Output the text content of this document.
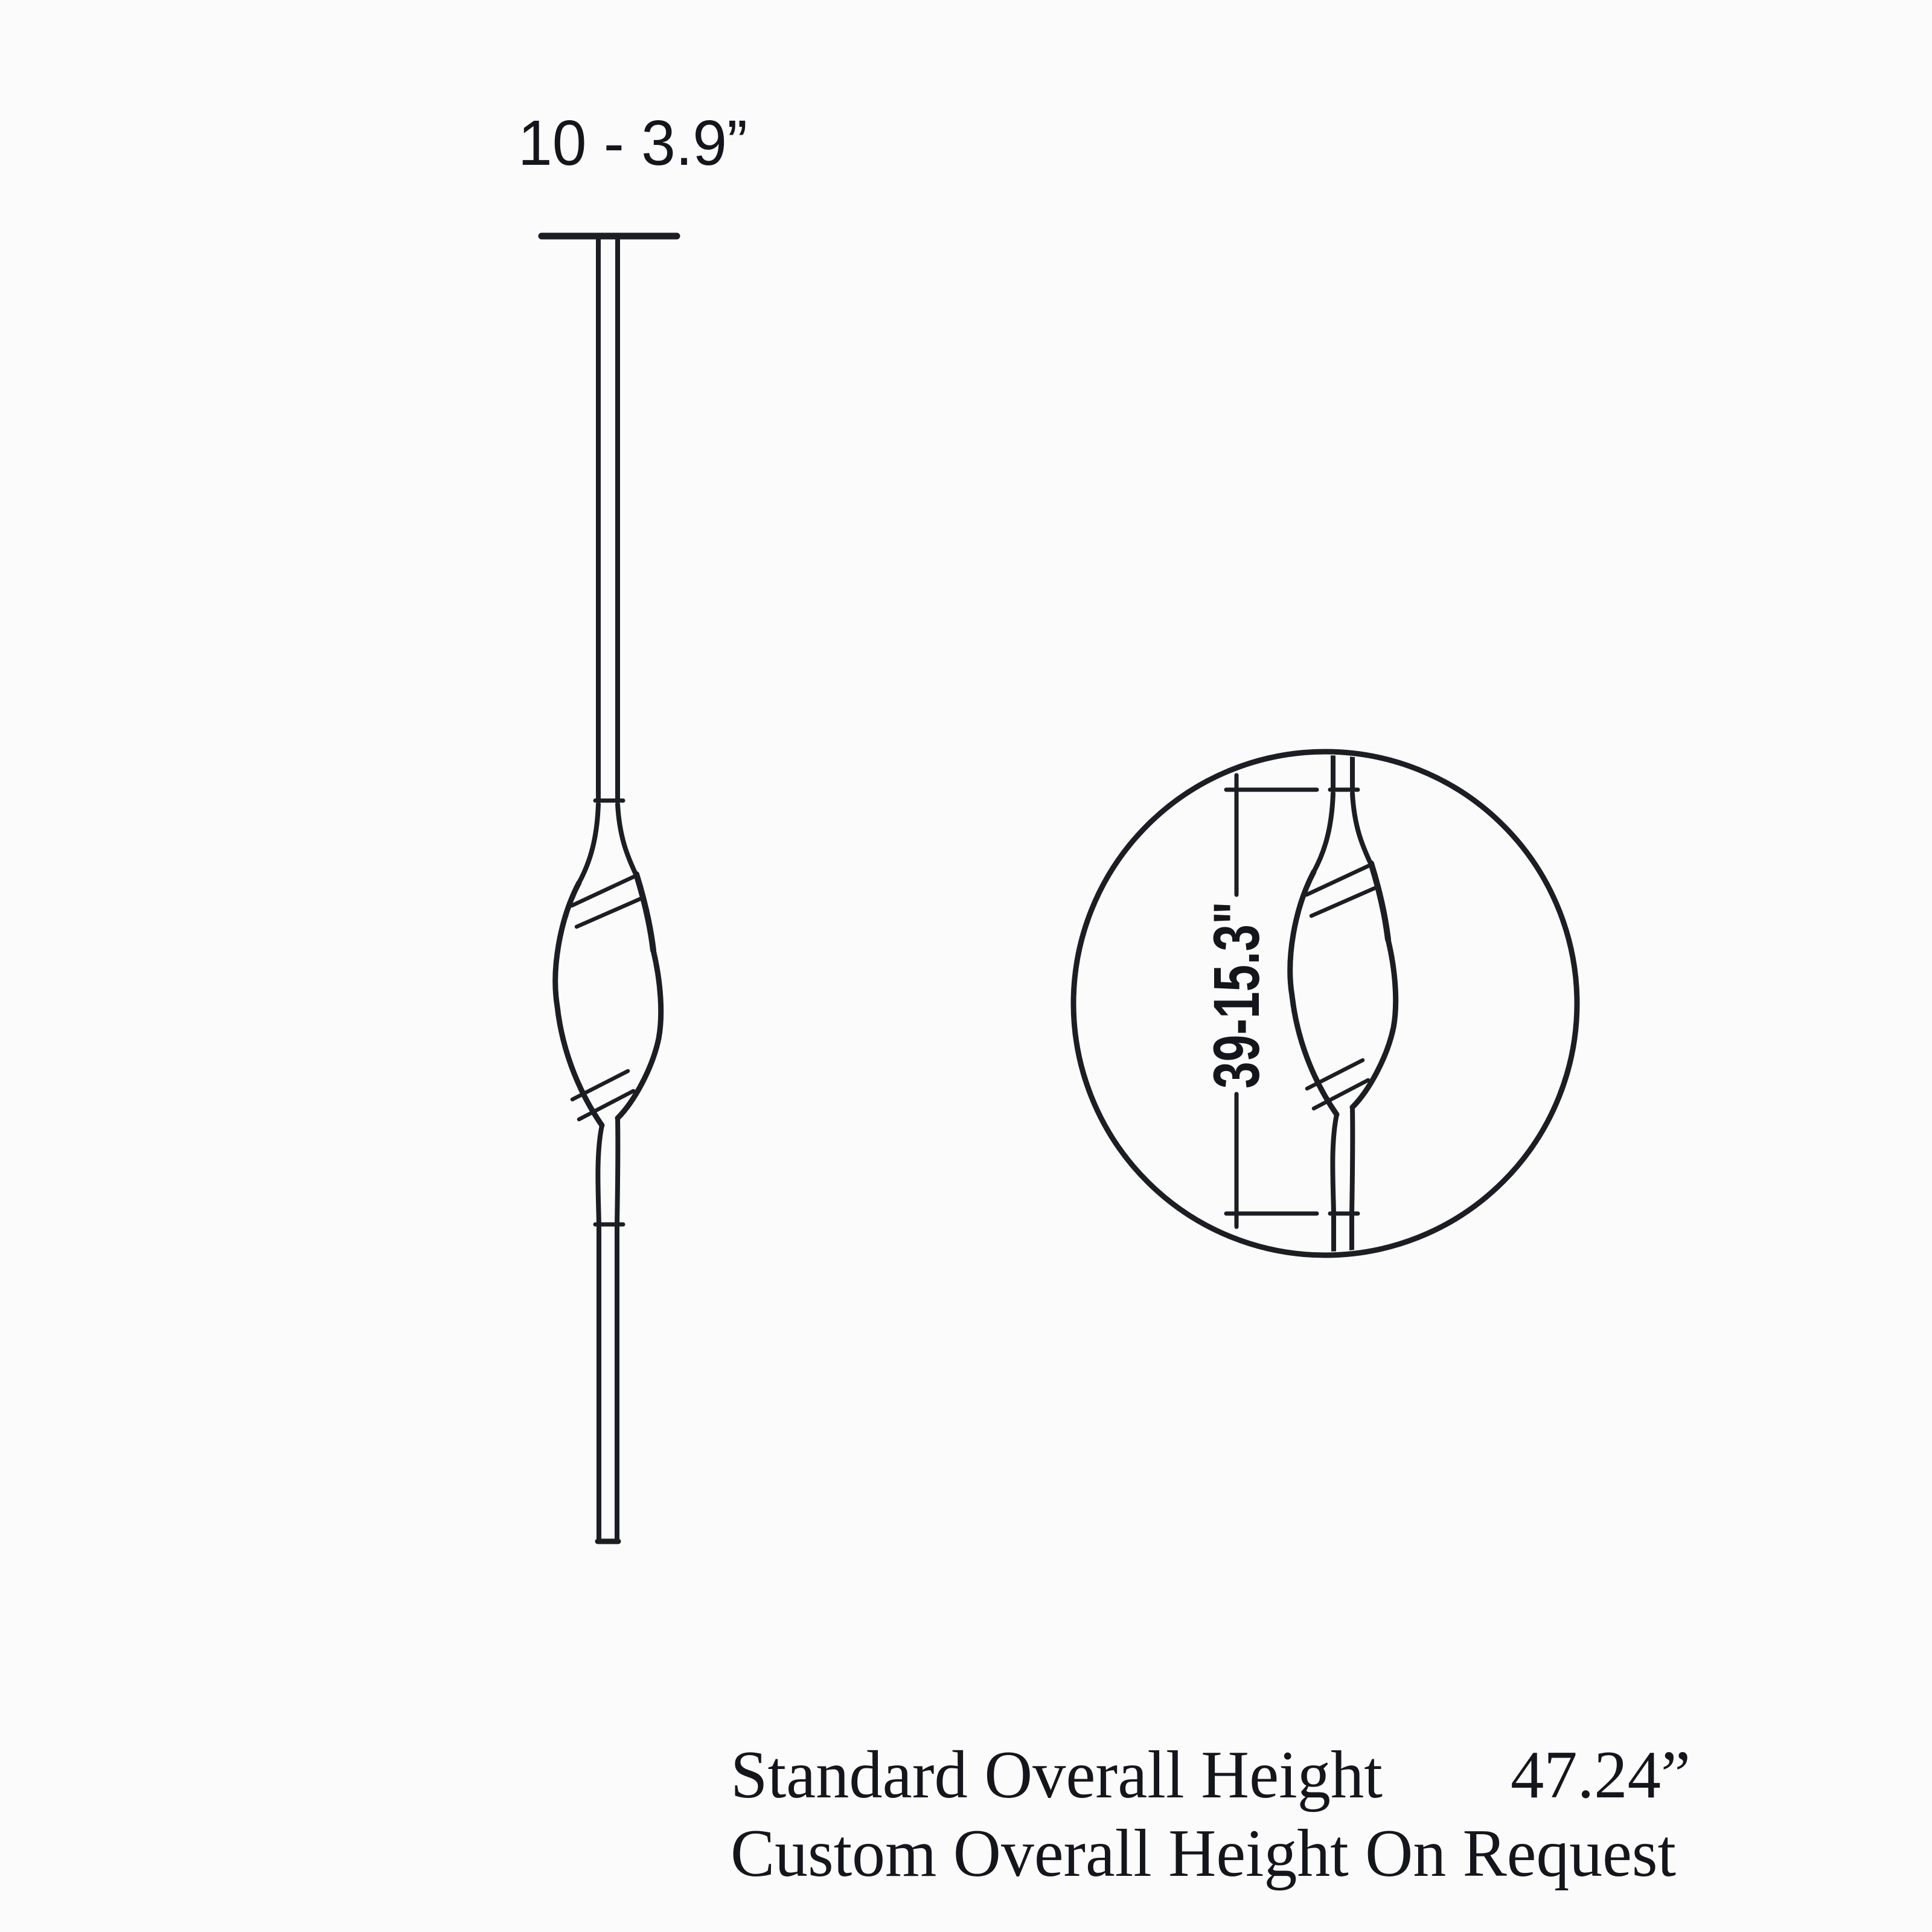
10 - 3.9”
39-15.3"
Standard Overall Height 47.24”
Custom Overall Height On Request
